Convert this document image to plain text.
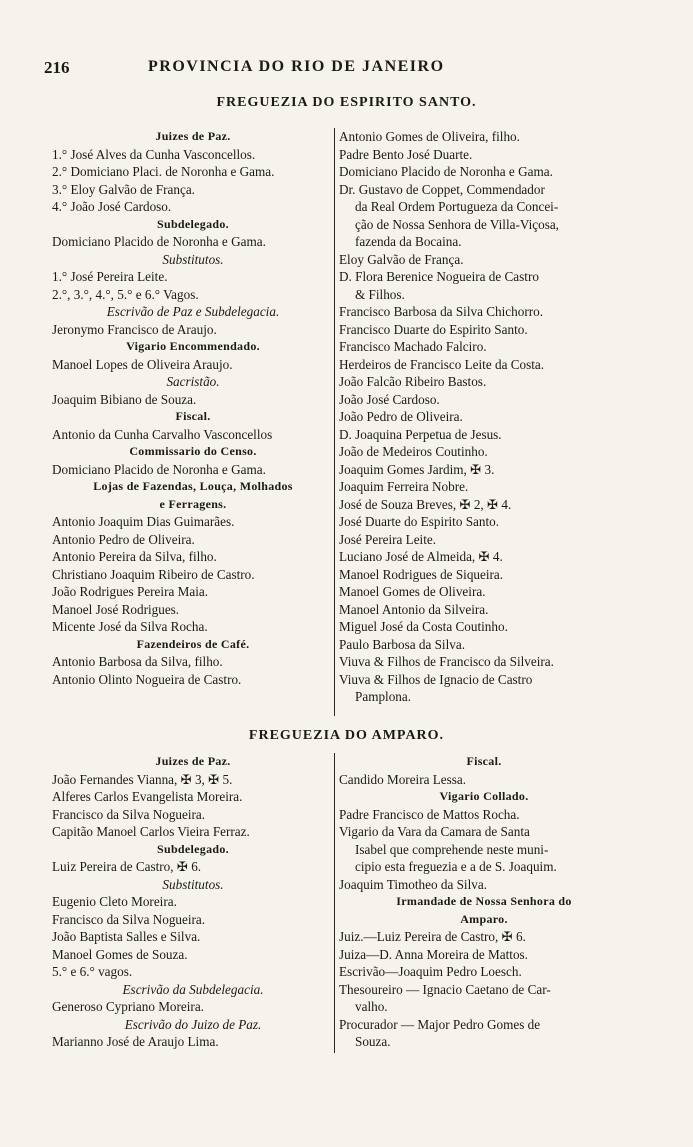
216	PROVINCIA DO RIO DE JANEIRO
FREGUEZIA DO ESPIRITO SANTO.
Juizes de Paz.
1.° José Alves da Cunha Vasconcellos.
2.° Domiciano Placi. de Noronha e Gama.
3.° Eloy Galvão de França.
4.° João José Cardoso.
Subdelegado.
Domiciano Placido de Noronha e Gama.
Substitutos.
1.° José Pereira Leite.
2.°, 3.°, 4.°, 5.° e 6.° Vagos.
Escrivão de Paz e Subdelegacia.
Jeronymo Francisco de Araujo.
Vigario Encommendado.
Manoel Lopes de Oliveira Araujo.
Sacristão.
Joaquim Bibiano de Souza.
Fiscal.
Antonio da Cunha Carvalho Vasconcellos
Commissario do Censo.
Domiciano Placido de Noronha e Gama.
Lojas de Fazendas, Louça, Molhados
e Ferragens.
Antonio Joaquim Dias Guimarães.
Antonio Pedro de Oliveira.
Antonio Pereira da Silva, filho.
Christiano Joaquim Ribeiro de Castro.
João Rodrigues Pereira Maia.
Manoel José Rodrigues.
Micente José da Silva Rocha.
Fazendeiros de Café.
Antonio Barbosa da Silva, filho.
Antonio Olinto Nogueira de Castro.
Antonio Gomes de Oliveira, filho.
Padre Bento José Duarte.
Domiciano Placido de Noronha e Gama.
Dr. Gustavo de Coppet, Commendador
da Real Ordem Portugueza da Concei-
ção de Nossa Senhora de Villa-Viçosa,
fazenda da Bocaina.
Eloy Galvão de França.
D. Flora Berenice Nogueira de Castro
& Filhos.
Francisco Barbosa da Silva Chichorro.
Francisco Duarte do Espirito Santo.
Francisco Machado Falciro.
Herdeiros de Francisco Leite da Costa.
João Falcão Ribeiro Bastos.
João José Cardoso.
João Pedro de Oliveira.
D. Joaquina Perpetua de Jesus.
João de Medeiros Coutinho.
Joaquim Gomes Jardim, ✠ 3.
Joaquim Ferreira Nobre.
José de Souza Breves, ✠ 2, ✠ 4.
José Duarte do Espirito Santo.
José Pereira Leite.
Luciano José de Almeida, ✠ 4.
Manoel Rodrigues de Siqueira.
Manoel Gomes de Oliveira.
Manoel Antonio da Silveira.
Miguel José da Costa Coutinho.
Paulo Barbosa da Silva.
Viuva & Filhos de Francisco da Silveira.
Viuva & Filhos de Ignacio de Castro
Pamplona.
FREGUEZIA DO AMPARO.
Juizes de Paz.
João Fernandes Vianna, ✠ 3, ✠ 5.
Alferes Carlos Evangelista Moreira.
Francisco da Silva Nogueira.
Capitão Manoel Carlos Vieira Ferraz.
Subdelegado.
Luiz Pereira de Castro, ✠ 6.
Substitutos.
Eugenio Cleto Moreira.
Francisco da Silva Nogueira.
João Baptista Salles e Silva.
Manoel Gomes de Souza.
5.° e 6.° vagos.
Escrivão da Subdelegacia.
Generoso Cypriano Moreira.
Escrivão do Juizo de Paz.
Marianno José de Araujo Lima.
Fiscal.
Candido Moreira Lessa.
Vigario Collado.
Padre Francisco de Mattos Rocha.
Vigario da Vara da Camara de Santa
Isabel que comprehende neste muni-
cipio esta freguezia e a de S. Joaquim.
Joaquim Timotheo da Silva.
Irmandade de Nossa Senhora do
Amparo.
Juiz.—Luiz Pereira de Castro, ✠ 6.
Juiza—D. Anna Moreira de Mattos.
Escrivão—Joaquim Pedro Loesch.
Thesoureiro — Ignacio Caetano de Car-
valho.
Procurador — Major Pedro Gomes de
Souza.
